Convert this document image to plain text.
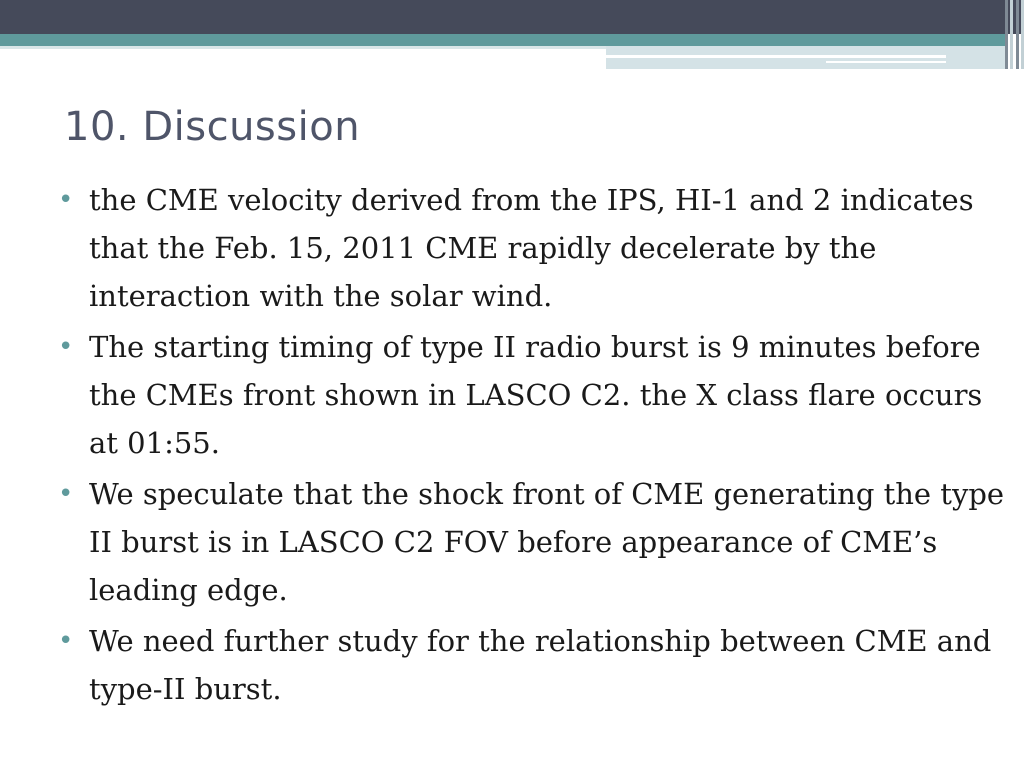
10. Discussion
• the CME velocity derived from the IPS, HI-1 and 2 indicates that the Feb. 15, 2011 CME rapidly decelerate by the interaction with the solar wind.
• The starting timing of type II radio burst is 9 minutes before the CMEs front shown in LASCO C2. the X class flare occurs at 01:55.
• We speculate that the shock front of CME generating the type II burst is in LASCO C2 FOV before appearance of CME’s leading edge.
• We need further study for the relationship between CME and type-II burst.
